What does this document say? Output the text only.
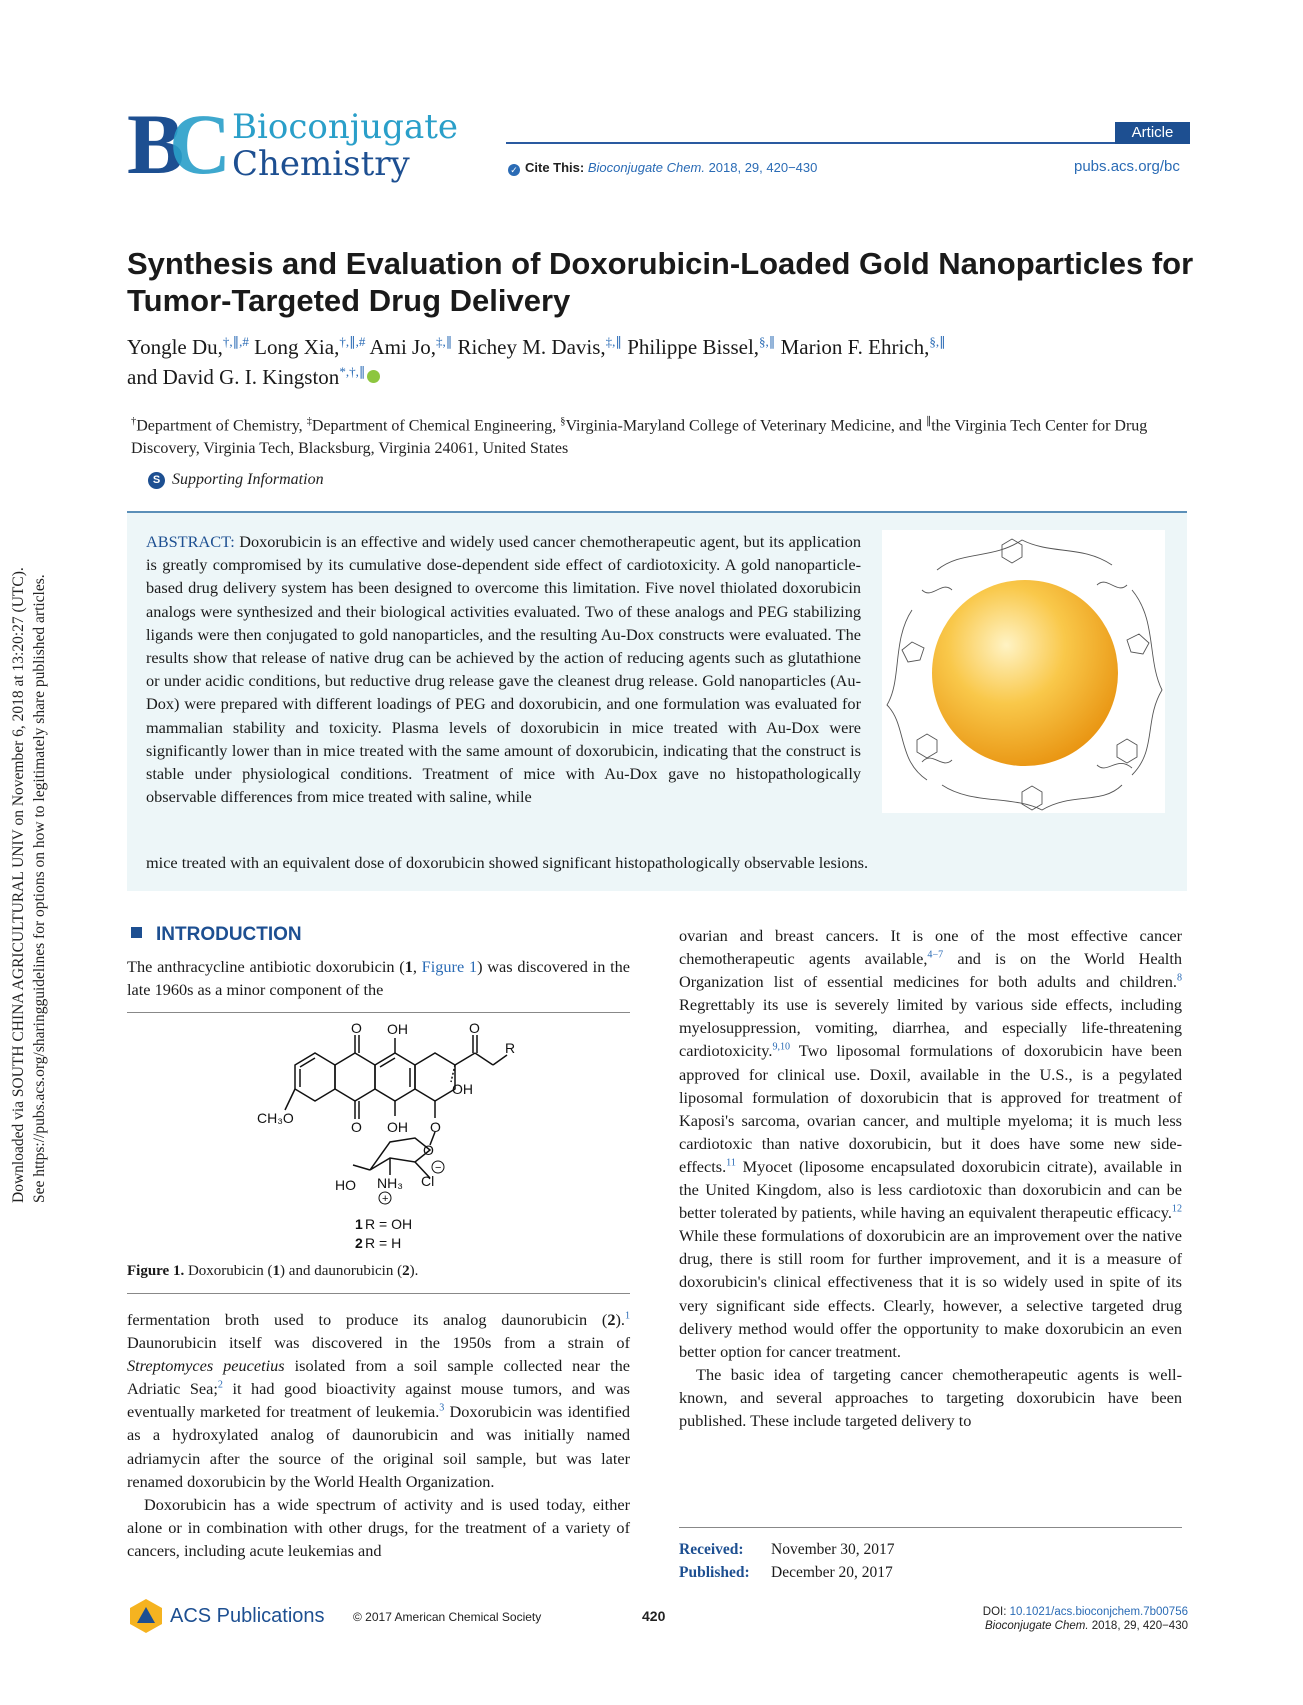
B
C Bioconjugate
Chemistry
Article
✓ Cite This: Bioconjugate Chem. 2018, 29, 420−430	pubs.acs.org/bc
Synthesis and Evaluation of Doxorubicin-Loaded Gold Nanoparticles for Tumor-Targeted Drug Delivery
Yongle Du,†,∥,# Long Xia,†,∥,# Ami Jo,‡,∥ Richey M. Davis,‡,∥ Philippe Bissel,§,∥ Marion F. Ehrich,§,∥
and David G. I. Kingston*,†,∥
†Department of Chemistry, ‡Department of Chemical Engineering, §Virginia-Maryland College of Veterinary Medicine, and ∥the Virginia Tech Center for Drug Discovery, Virginia Tech, Blacksburg, Virginia 24061, United States
S Supporting Information
ABSTRACT: Doxorubicin is an effective and widely used cancer chemotherapeutic agent, but its application is greatly compromised by its cumulative dose-dependent side effect of cardiotoxicity. A gold nanoparticle-based drug delivery system has been designed to overcome this limitation. Five novel thiolated doxorubicin analogs were synthesized and their biological activities evaluated. Two of these analogs and PEG stabilizing ligands were then conjugated to gold nanoparticles, and the resulting Au-Dox constructs were evaluated. The results show that release of native drug can be achieved by the action of reducing agents such as glutathione or under acidic conditions, but reductive drug release gave the cleanest drug release. Gold nanoparticles (Au-Dox) were prepared with different loadings of PEG and doxorubicin, and one formulation was evaluated for mammalian stability and toxicity. Plasma levels of doxorubicin in mice treated with Au-Dox were significantly lower than in mice treated with the same amount of doxorubicin, indicating that the construct is stable under physiological conditions. Treatment of mice with Au-Dox gave no histopathologically observable differences from mice treated with saline, while
mice treated with an equivalent dose of doxorubicin showed significant histopathologically observable lesions.
INTRODUCTION
The anthracycline antibiotic doxorubicin (1, Figure 1) was discovered in the late 1960s as a minor component of the
O OH	O
R
OH
CH₃O
O OH O
O
HO NH₃ Cl
+
−
1 R = OH
2 R = H
Figure 1. Doxorubicin (1) and daunorubicin (2).
fermentation broth used to produce its analog daunorubicin (2).$^1$ Daunorubicin itself was discovered in the 1950s from a strain of Streptomyces peucetius isolated from a soil sample collected near the Adriatic Sea;$^2$ it had good bioactivity against mouse tumors, and was eventually marketed for treatment of leukemia.$^3$ Doxorubicin was identified as a hydroxylated analog of daunorubicin and was initially named adriamycin after the source of the original soil sample, but was later renamed doxorubicin by the World Health Organization.
Doxorubicin has a wide spectrum of activity and is used today, either alone or in combination with other drugs, for the treatment of a variety of cancers, including acute leukemias and
ovarian and breast cancers. It is one of the most effective cancer chemotherapeutic agents available,$^{4-7}$ and is on the World Health Organization list of essential medicines for both adults and children.$^8$ Regrettably its use is severely limited by various side effects, including myelosuppression, vomiting, diarrhea, and especially life-threatening cardiotoxicity.$^{9,10}$ Two liposomal formulations of doxorubicin have been approved for clinical use. Doxil, available in the U.S., is a pegylated liposomal formulation of doxorubicin that is approved for treatment of Kaposi's sarcoma, ovarian cancer, and multiple myeloma; it is much less cardiotoxic than native doxorubicin, but it does have some new side-effects.$^{11}$ Myocet (liposome encapsulated doxorubicin citrate), available in the United Kingdom, also is less cardiotoxic than doxorubicin and can be better tolerated by patients, while having an equivalent therapeutic efficacy.$^{12}$ While these formulations of doxorubicin are an improvement over the native drug, there is still room for further improvement, and it is a measure of doxorubicin's clinical effectiveness that it is so widely used in spite of its very significant side effects. Clearly, however, a selective targeted drug delivery method would offer the opportunity to make doxorubicin an even better option for cancer treatment.
The basic idea of targeting cancer chemotherapeutic agents is well-known, and several approaches to targeting doxorubicin have been published. These include targeted delivery to
Received: November 30, 2017
Published: December 20, 2017
ACS Publications © 2017 American Chemical Society	420	DOI: 10.1021/acs.bioconjchem.7b00756
Bioconjugate Chem. 2018, 29, 420−430
Downloaded via SOUTH CHINA AGRICULTURAL UNIV on November 6, 2018 at 13:20:27 (UTC). See https://pubs.acs.org/sharingguidelines for options on how to legitimately share published articles.
